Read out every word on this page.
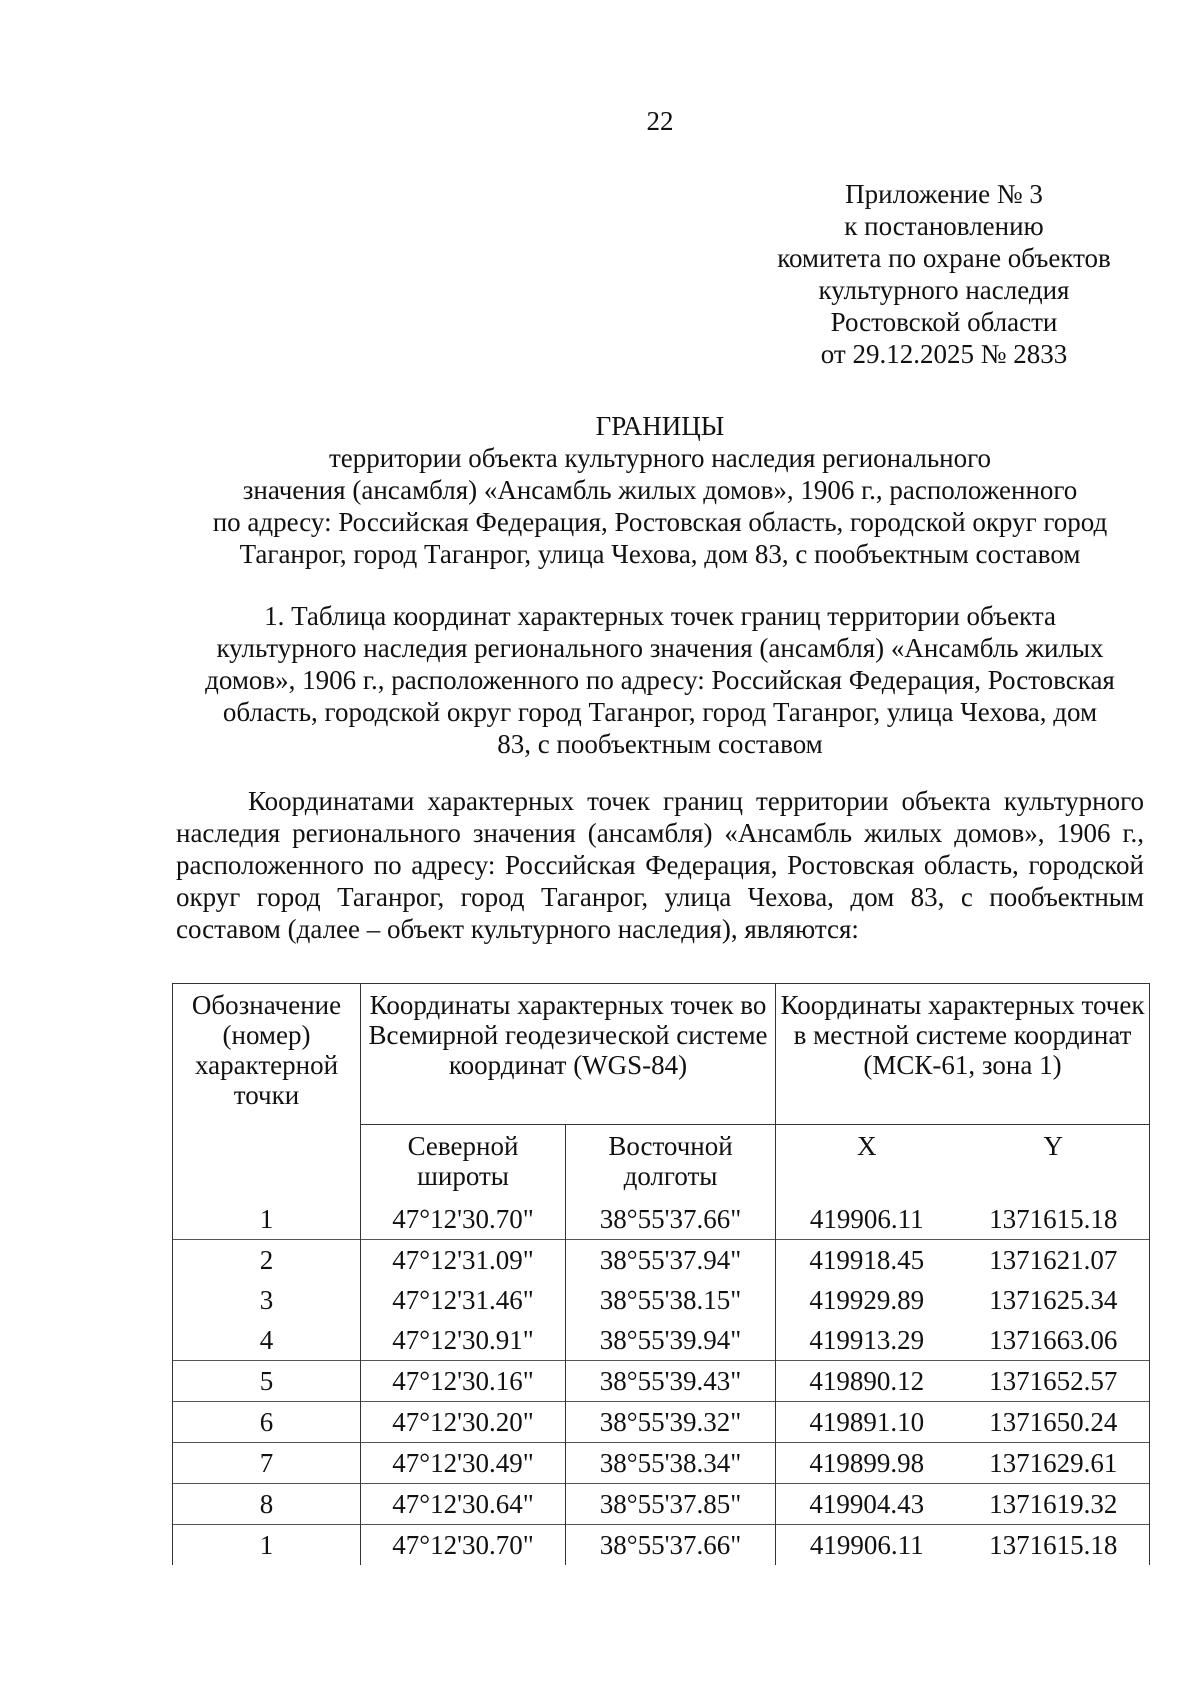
22
Приложение № 3
к постановлению
комитета по охране объектов
культурного наследия
Ростовской области
от 29.12.2025 № 2833
ГРАНИЦЫ
территории объекта культурного наследия регионального
значения (ансамбля) «Ансамбль жилых домов», 1906 г., расположенного
по адресу: Российская Федерация, Ростовская область, городской округ город
Таганрог, город Таганрог, улица Чехова, дом 83, с пообъектным составом
1. Таблица координат характерных точек границ территории объекта
культурного наследия регионального значения (ансамбля) «Ансамбль жилых
домов», 1906 г., расположенного по адресу: Российская Федерация, Ростовская
область, городской округ город Таганрог, город Таганрог, улица Чехова, дом
83, с пообъектным составом

Координатами характерных точек границ территории объекта культурного наследия регионального значения (ансамбля) «Ансамбль жилых домов», 1906 г., расположенного по адресу: Российская Федерация, Ростовская область, городской округ город Таганрог, город Таганрог, улица Чехова, дом 83, с пообъектным составом (далее – объект культурного наследия), являются:

Обозначение (номер) характерной точки	Координаты характерных точек во Всемирной геодезической системе координат (WGS-84)		Координаты характерных точек в местной системе координат (МСК-61, зона 1)	
	Северной широты	Восточной долготы	X	Y
1	47°12'30.70"	38°55'37.66"	419906.11	1371615.18
2	47°12'31.09"	38°55'37.94"	419918.45	1371621.07
3	47°12'31.46"	38°55'38.15"	419929.89	1371625.34
4	47°12'30.91"	38°55'39.94"	419913.29	1371663.06
5	47°12'30.16"	38°55'39.43"	419890.12	1371652.57
6	47°12'30.20"	38°55'39.32"	419891.10	1371650.24
7	47°12'30.49"	38°55'38.34"	419899.98	1371629.61
8	47°12'30.64"	38°55'37.85"	419904.43	1371619.32
1	47°12'30.70"	38°55'37.66"	419906.11	1371615.18
